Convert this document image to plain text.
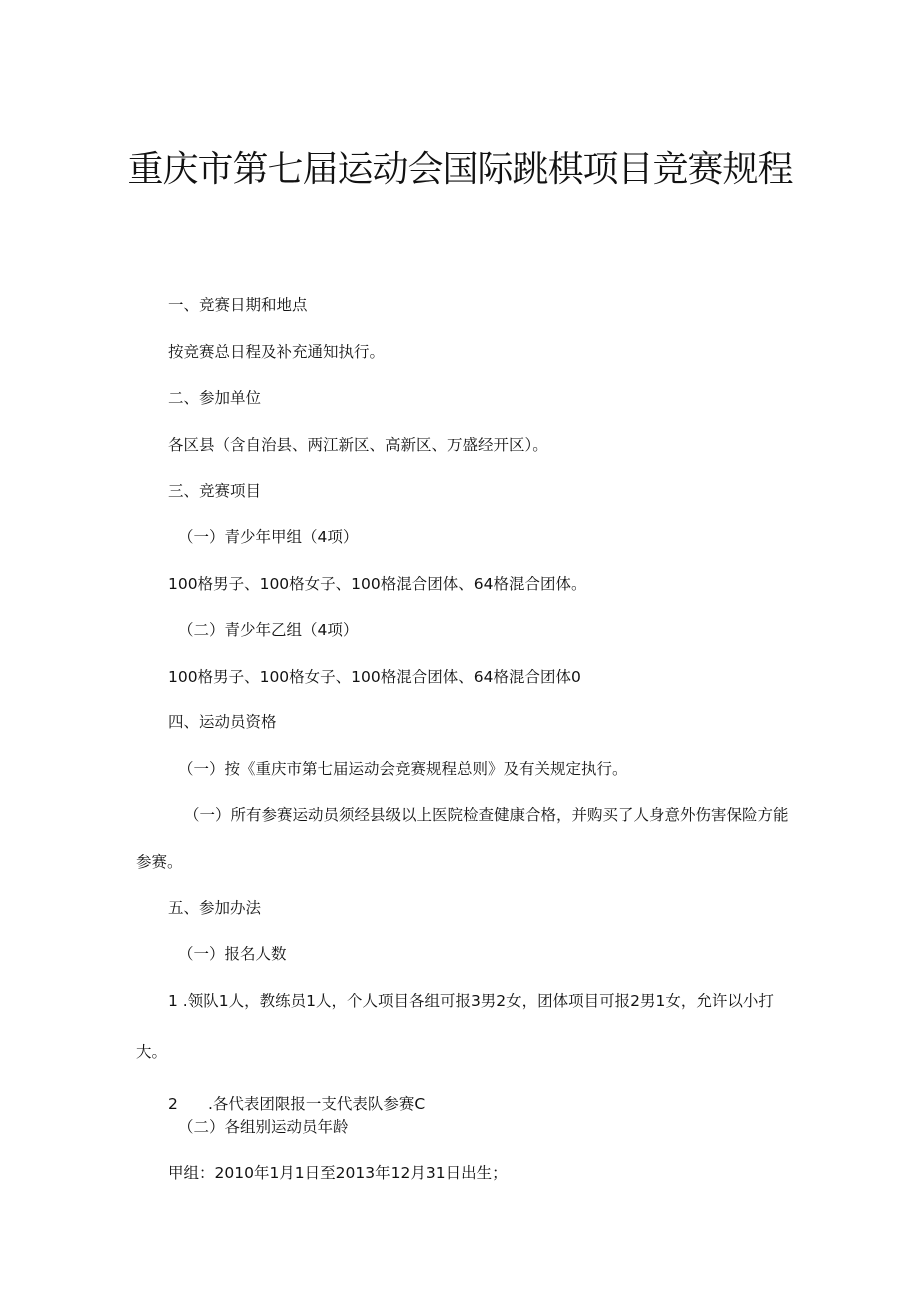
重庆市第七届运动会国际跳棋项目竞赛规程
一、竞赛日期和地点
按竞赛总日程及补充通知执行。
二、参加单位
各区县（含自治县、两江新区、高新区、万盛经开区）。
三、竞赛项目
（一）青少年甲组（4项）
100格男子、100格女子、100格混合团体、64格混合团体。
（二）青少年乙组（4项）
100格男子、100格女子、100格混合团体、64格混合团体0
四、运动员资格
（一）按《重庆市第七届运动会竞赛规程总则》及有关规定执行。
（一）所有参赛运动员须经县级以上医院检查健康合格，并购买了人身意外伤害保险方能
参赛。
五、参加办法
（一）报名人数
1 .领队1人，教练员1人，个人项目各组可报3男2女，团体项目可报2男1女，允许以小打
大。
2 .各代表团限报一支代表队参赛C
（二）各组别运动员年龄
甲组：2010年1月1日至2013年12月31日出生；
